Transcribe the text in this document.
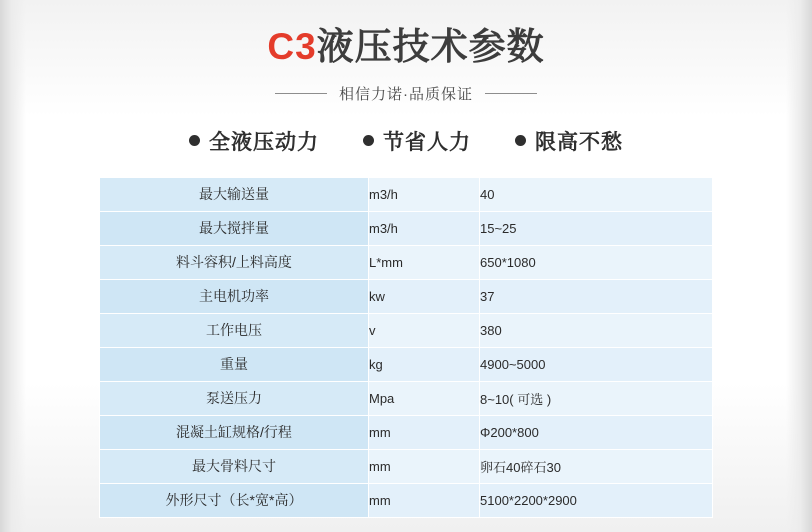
C3液压技术参数
相信力诺·品质保证
全液压动力	节省人力	限高不愁
最大输送量	m3/h	40
最大搅拌量	m3/h	15~25
料斗容积/上料高度	L*mm	650*1080
主电机功率	kw	37
工作电压	v	380
重量	kg	4900~5000
泵送压力	Mpa	8~10( 可选 )
混凝土缸规格/行程	mm	Φ200*800
最大骨料尺寸	mm	卵石40碎石30
外形尺寸（长*宽*高）	mm	5100*2200*2900
